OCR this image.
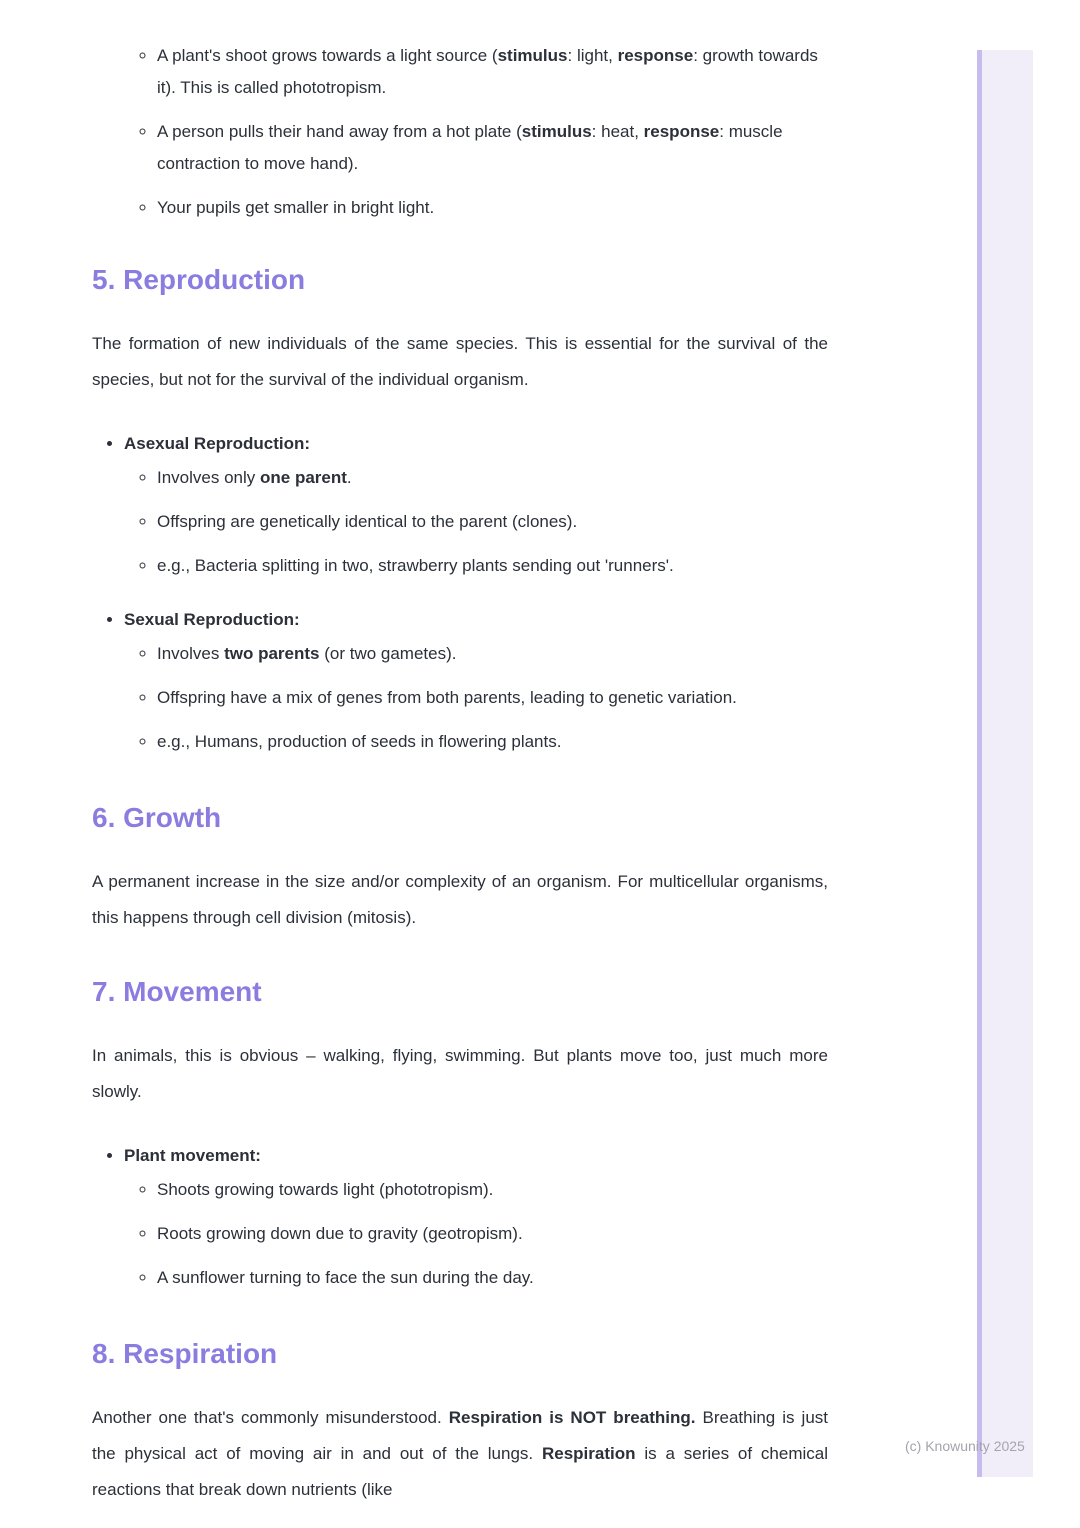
◦ A plant's shoot grows towards a light source (stimulus: light, response: growth towards it). This is called phototropism.
◦ A person pulls their hand away from a hot plate (stimulus: heat, response: muscle contraction to move hand).
◦ Your pupils get smaller in bright light.
5. Reproduction

The formation of new individuals of the same species. This is essential for the survival of the species, but not for the survival of the individual organism.

• Asexual Reproduction:
◦ Involves only one parent.
◦ Offspring are genetically identical to the parent (clones).
◦ e.g., Bacteria splitting in two, strawberry plants sending out 'runners'.
• Sexual Reproduction:
◦ Involves two parents (or two gametes).
◦ Offspring have a mix of genes from both parents, leading to genetic variation.
◦ e.g., Humans, production of seeds in flowering plants.
6. Growth

A permanent increase in the size and/or complexity of an organism. For multicellular organisms, this happens through cell division (mitosis).

7. Movement

In animals, this is obvious – walking, flying, swimming. But plants move too, just much more slowly.

• Plant movement:
◦ Shoots growing towards light (phototropism).
◦ Roots growing down due to gravity (geotropism).
◦ A sunflower turning to face the sun during the day.
8. Respiration

Another one that's commonly misunderstood. Respiration is NOT breathing. Breathing is just the physical act of moving air in and out of the lungs. Respiration is a series of chemical reactions that break down nutrients (like

(c) Knowunity 2025
